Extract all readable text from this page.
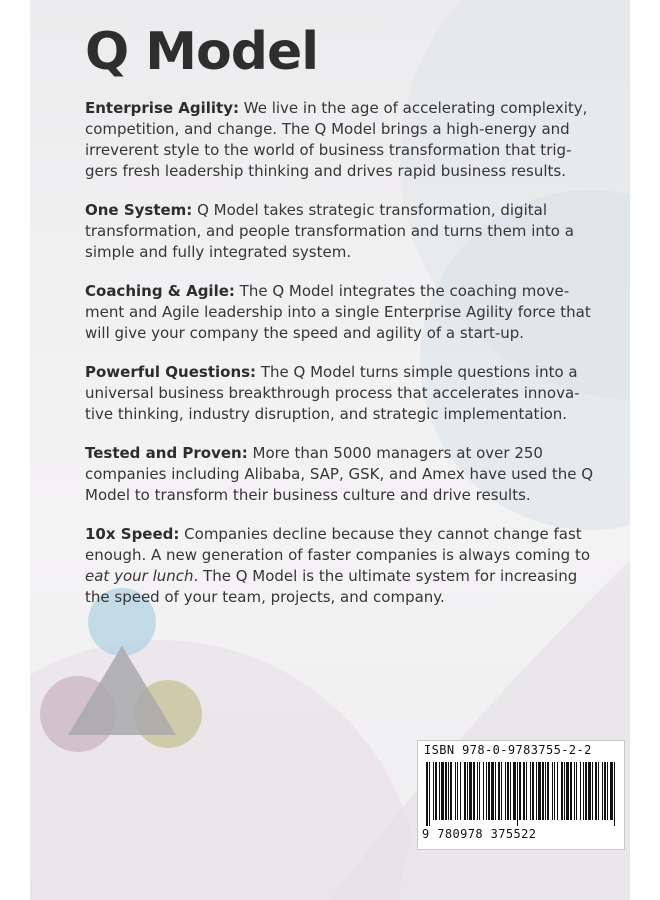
Q Model

Enterprise Agility: We live in the age of accelerating complexity, competition, and change. The Q Model brings a high-energy and irreverent style to the world of business transformation that triggers fresh leadership thinking and drives rapid business results.

One System: Q Model takes strategic transformation, digital transformation, and people transformation and turns them into a simple and fully integrated system.

Coaching & Agile: The Q Model integrates the coaching movement and Agile leadership into a single Enterprise Agility force that will give your company the speed and agility of a start-up.

Powerful Questions: The Q Model turns simple questions into a universal business breakthrough process that accelerates innovative thinking, industry disruption, and strategic implementation.

Tested and Proven: More than 5000 managers at over 250 companies including Alibaba, SAP, GSK, and Amex have used the Q Model to transform their business culture and drive results.

10x Speed: Companies decline because they cannot change fast enough. A new generation of faster companies is always coming to eat your lunch. The Q Model is the ultimate system for increasing the speed of your team, projects, and company.

ISBN 978-0-9783755-2-2
9 780978 375522
